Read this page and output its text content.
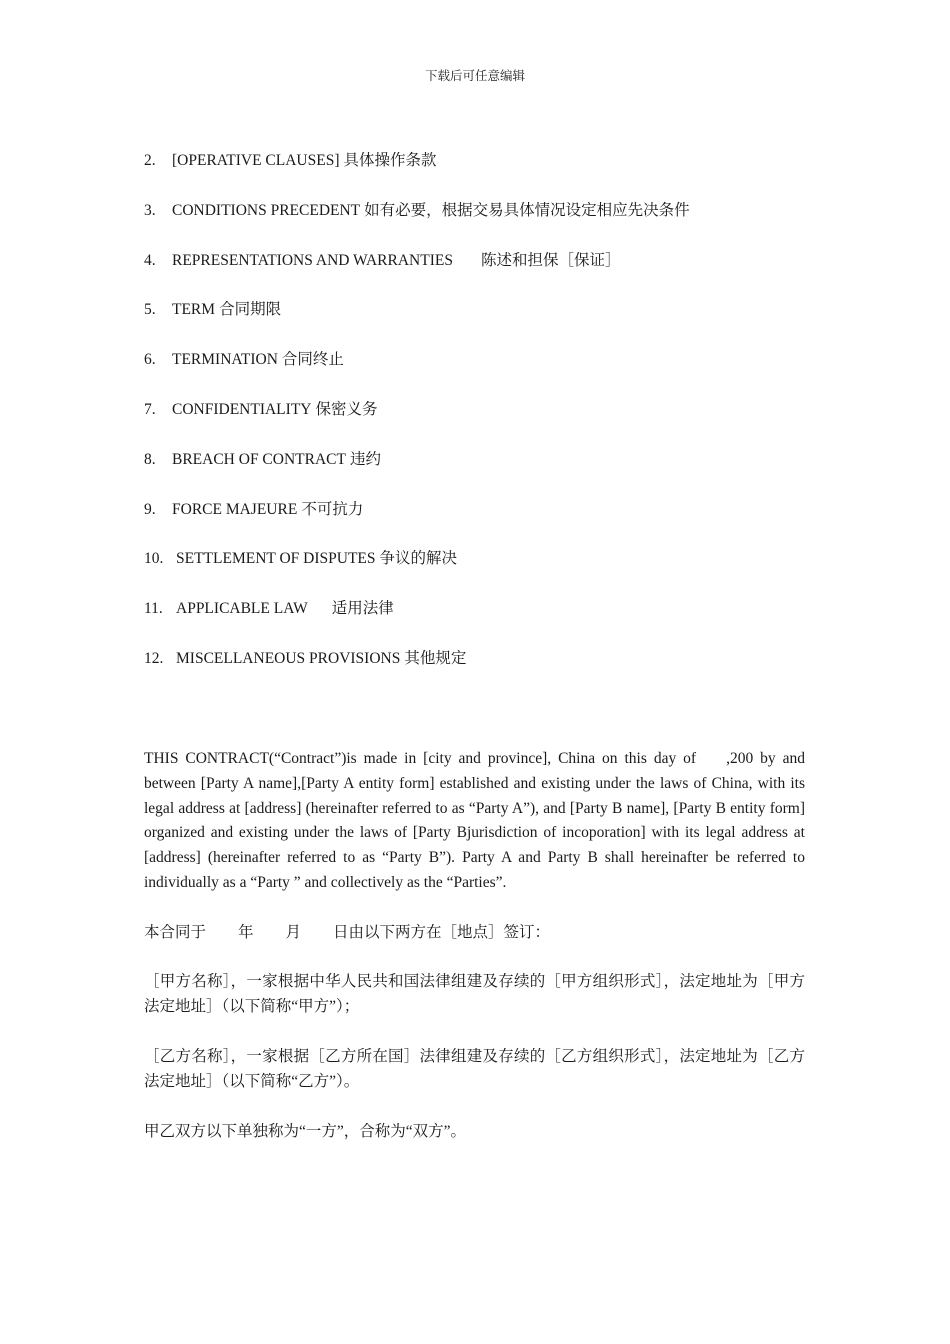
下载后可任意编辑
2. [OPERATIVE CLAUSES] 具体操作条款
3. CONDITIONS PRECEDENT 如有必要，根据交易具体情况设定相应先决条件
4. REPRESENTATIONS AND WARRANTIES 陈述和担保［保证］
5. TERM 合同期限
6. TERMINATION 合同终止
7. CONFIDENTIALITY 保密义务
8. BREACH OF CONTRACT 违约
9. FORCE MAJEURE 不可抗力
10. SETTLEMENT OF DISPUTES 争议的解决
11. APPLICABLE LAW 适用法律
12. MISCELLANEOUS PROVISIONS 其他规定

THIS CONTRACT(“Contract”)is made in [city and province], China on this day of ,200 by and between [Party A name],[Party A entity form] established and existing under the laws of China, with its legal address at [address] (hereinafter referred to as “Party A”), and [Party B name], [Party B entity form] organized and existing under the laws of [Party Bjurisdiction of incoporation] with its legal address at [address] (hereinafter referred to as “Party B”). Party A and Party B shall hereinafter be referred to individually as a “Party ” and collectively as the “Parties”.

本合同于 年 月 日由以下两方在［地点］签订：

［甲方名称］，一家根据中华人民共和国法律组建及存续的［甲方组织形式］，法定地址为［甲方法定地址］（以下简称“甲方”）；

［乙方名称］，一家根据［乙方所在国］法律组建及存续的［乙方组织形式］，法定地址为［乙方法定地址］（以下简称“乙方”）。

甲乙双方以下单独称为“一方”，合称为“双方”。
